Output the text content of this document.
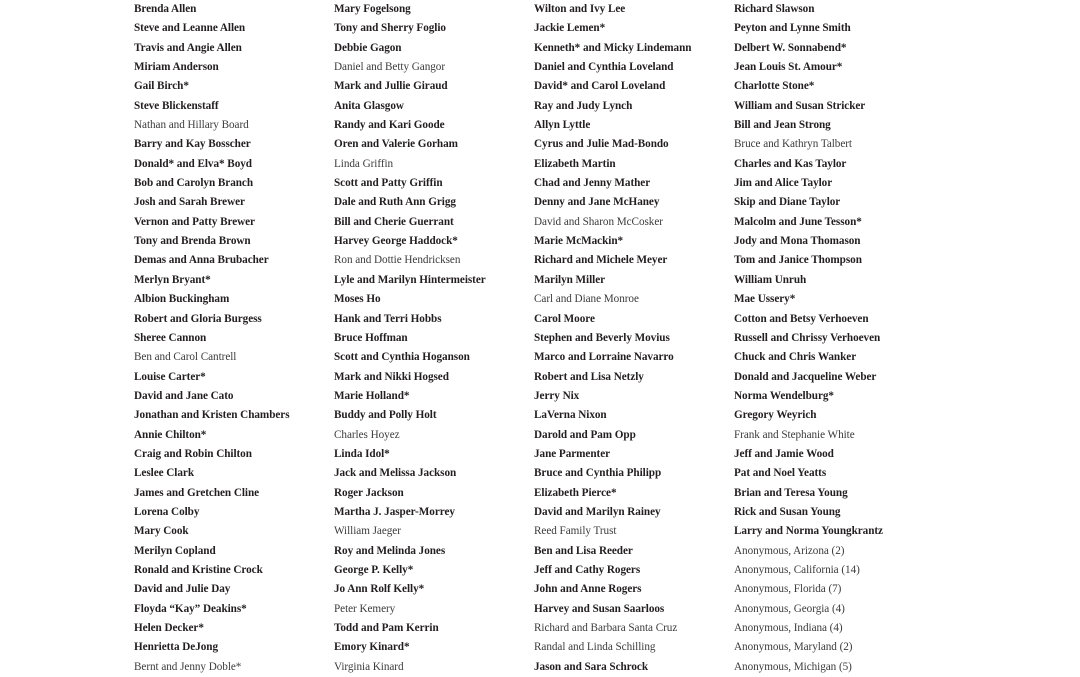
Brenda Allen
Steve and Leanne Allen
Travis and Angie Allen
Miriam Anderson
Gail Birch*
Steve Blickenstaff
Nathan and Hillary Board
Barry and Kay Bosscher
Donald* and Elva* Boyd
Bob and Carolyn Branch
Josh and Sarah Brewer
Vernon and Patty Brewer
Tony and Brenda Brown
Demas and Anna Brubacher
Merlyn Bryant*
Albion Buckingham
Robert and Gloria Burgess
Sheree Cannon
Ben and Carol Cantrell
Louise Carter*
David and Jane Cato
Jonathan and Kristen Chambers
Annie Chilton*
Craig and Robin Chilton
Leslee Clark
James and Gretchen Cline
Lorena Colby
Mary Cook
Merilyn Copland
Ronald and Kristine Crock
David and Julie Day
Floyda “Kay” Deakins*
Helen Decker*
Henrietta DeJong
Bernt and Jenny Doble*
Mary Fogelsong
Tony and Sherry Foglio
Debbie Gagon
Daniel and Betty Gangor
Mark and Jullie Giraud
Anita Glasgow
Randy and Kari Goode
Oren and Valerie Gorham
Linda Griffin
Scott and Patty Griffin
Dale and Ruth Ann Grigg
Bill and Cherie Guerrant
Harvey George Haddock*
Ron and Dottie Hendricksen
Lyle and Marilyn Hintermeister
Moses Ho
Hank and Terri Hobbs
Bruce Hoffman
Scott and Cynthia Hoganson
Mark and Nikki Hogsed
Marie Holland*
Buddy and Polly Holt
Charles Hoyez
Linda Idol*
Jack and Melissa Jackson
Roger Jackson
Martha J. Jasper-Morrey
William Jaeger
Roy and Melinda Jones
George P. Kelly*
Jo Ann Rolf Kelly*
Peter Kemery
Todd and Pam Kerrin
Emory Kinard*
Virginia Kinard
Wilton and Ivy Lee
Jackie Lemen*
Kenneth* and Micky Lindemann
Daniel and Cynthia Loveland
David* and Carol Loveland
Ray and Judy Lynch
Allyn Lyttle
Cyrus and Julie Mad-Bondo
Elizabeth Martin
Chad and Jenny Mather
Denny and Jane McHaney
David and Sharon McCosker
Marie McMackin*
Richard and Michele Meyer
Marilyn Miller
Carl and Diane Monroe
Carol Moore
Stephen and Beverly Movius
Marco and Lorraine Navarro
Robert and Lisa Netzly
Jerry Nix
LaVerna Nixon
Darold and Pam Opp
Jane Parmenter
Bruce and Cynthia Philipp
Elizabeth Pierce*
David and Marilyn Rainey
Reed Family Trust
Ben and Lisa Reeder
Jeff and Cathy Rogers
John and Anne Rogers
Harvey and Susan Saarloos
Richard and Barbara Santa Cruz
Randal and Linda Schilling
Jason and Sara Schrock
Richard Slawson
Peyton and Lynne Smith
Delbert W. Sonnabend*
Jean Louis St. Amour*
Charlotte Stone*
William and Susan Stricker
Bill and Jean Strong
Bruce and Kathryn Talbert
Charles and Kas Taylor
Jim and Alice Taylor
Skip and Diane Taylor
Malcolm and June Tesson*
Jody and Mona Thomason
Tom and Janice Thompson
William Unruh
Mae Ussery*
Cotton and Betsy Verhoeven
Russell and Chrissy Verhoeven
Chuck and Chris Wanker
Donald and Jacqueline Weber
Norma Wendelburg*
Gregory Weyrich
Frank and Stephanie White
Jeff and Jamie Wood
Pat and Noel Yeatts
Brian and Teresa Young
Rick and Susan Young
Larry and Norma Youngkrantz
Anonymous, Arizona (2)
Anonymous, California (14)
Anonymous, Florida (7)
Anonymous, Georgia (4)
Anonymous, Indiana (4)
Anonymous, Maryland (2)
Anonymous, Michigan (5)
